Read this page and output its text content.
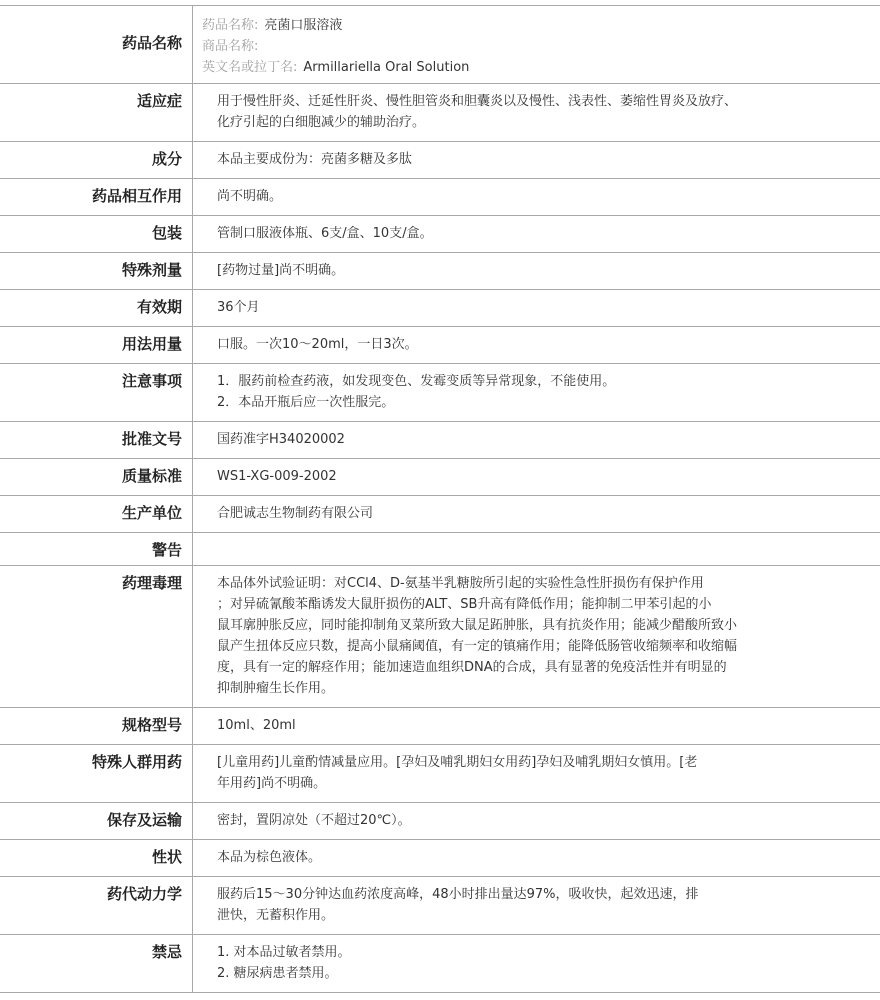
药品名称
药品名称: 亮菌口服溶液
商品名称:
英文名或拉丁名: Armillariella Oral Solution
适应症	用于慢性肝炎、迁延性肝炎、慢性胆管炎和胆囊炎以及慢性、浅表性、萎缩性胃炎及放疗、
化疗引起的白细胞减少的辅助治疗。
成分	本品主要成份为：亮菌多糖及多肽
药品相互作用	尚不明确。
包装	管制口服液体瓶、6支/盒、10支/盒。
特殊剂量	[药物过量]尚不明确。
有效期	36个月
用法用量	口服。一次10～20ml，一日3次。
注意事项	1．服药前检查药液，如发现变色、发霉变质等异常现象，不能使用。
2．本品开瓶后应一次性服完。
批准文号	国药准字H34020002
质量标准	WS1-XG-009-2002
生产单位	合肥诚志生物制药有限公司
警告
药理毒理	本品体外试验证明：对CCl4、D-氨基半乳糖胺所引起的实验性急性肝损伤有保护作用
；对异硫氰酸苯酯诱发大鼠肝损伤的ALT、SB升高有降低作用；能抑制二甲苯引起的小
鼠耳廓肿胀反应，同时能抑制角叉菜所致大鼠足跖肿胀，具有抗炎作用；能减少醋酸所致小
鼠产生扭体反应只数，提高小鼠痛阈值，有一定的镇痛作用；能降低肠管收缩频率和收缩幅
度，具有一定的解痉作用；能加速造血组织DNA的合成，具有显著的免疫活性并有明显的
抑制肿瘤生长作用。
规格型号	10ml、20ml
特殊人群用药	[儿童用药]儿童酌情减量应用。[孕妇及哺乳期妇女用药]孕妇及哺乳期妇女慎用。[老
年用药]尚不明确。
保存及运输	密封，置阴凉处（不超过20℃）。
性状	本品为棕色液体。
药代动力学	服药后15～30分钟达血药浓度高峰，48小时排出量达97%，吸收快，起效迅速，排
泄快，无蓄积作用。
禁忌	1. 对本品过敏者禁用。
2. 糖尿病患者禁用。
